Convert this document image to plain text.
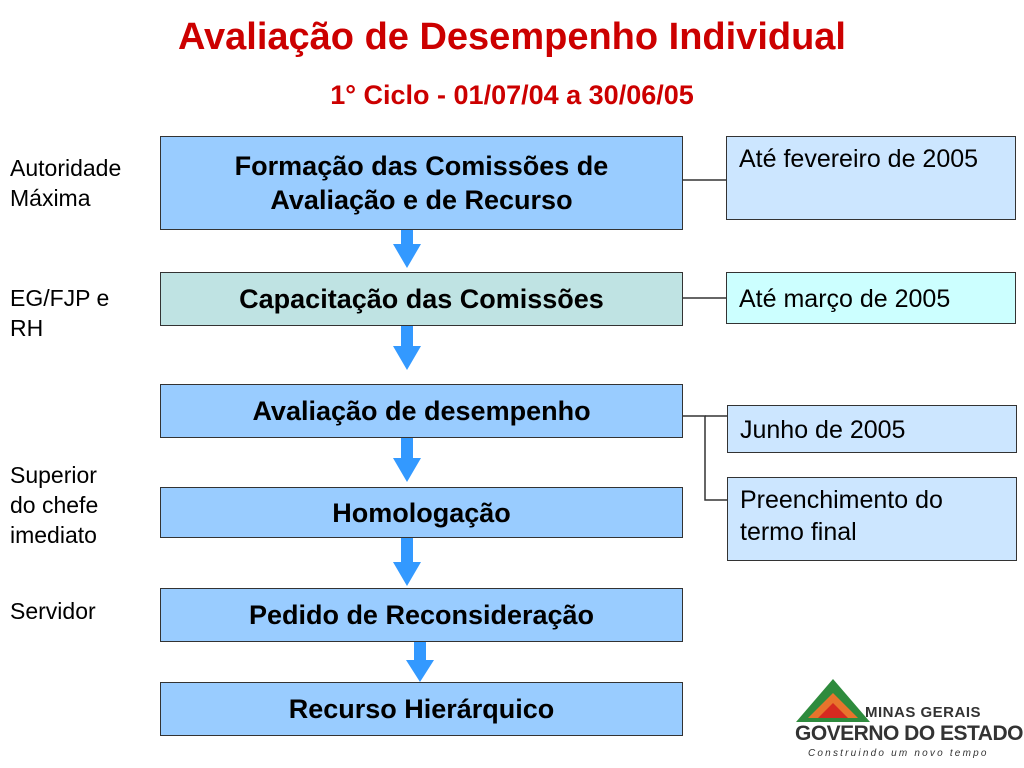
Avaliação de Desempenho Individual
1° Ciclo - 01/07/04 a 30/06/05
Formação das Comissões de
Avaliação e de Recurso
Capacitação das Comissões
Avaliação de desempenho
Homologação
Pedido de Reconsideração
Recurso Hierárquico
Até fevereiro de 2005
Até março de 2005
Junho de 2005
Preenchimento do termo final
Autoridade
Máxima
EG/FJP e
RH
Superior
do chefe
imediato
Servidor
MINAS GERAIS
GOVERNO DO ESTADO
Construindo um novo tempo
